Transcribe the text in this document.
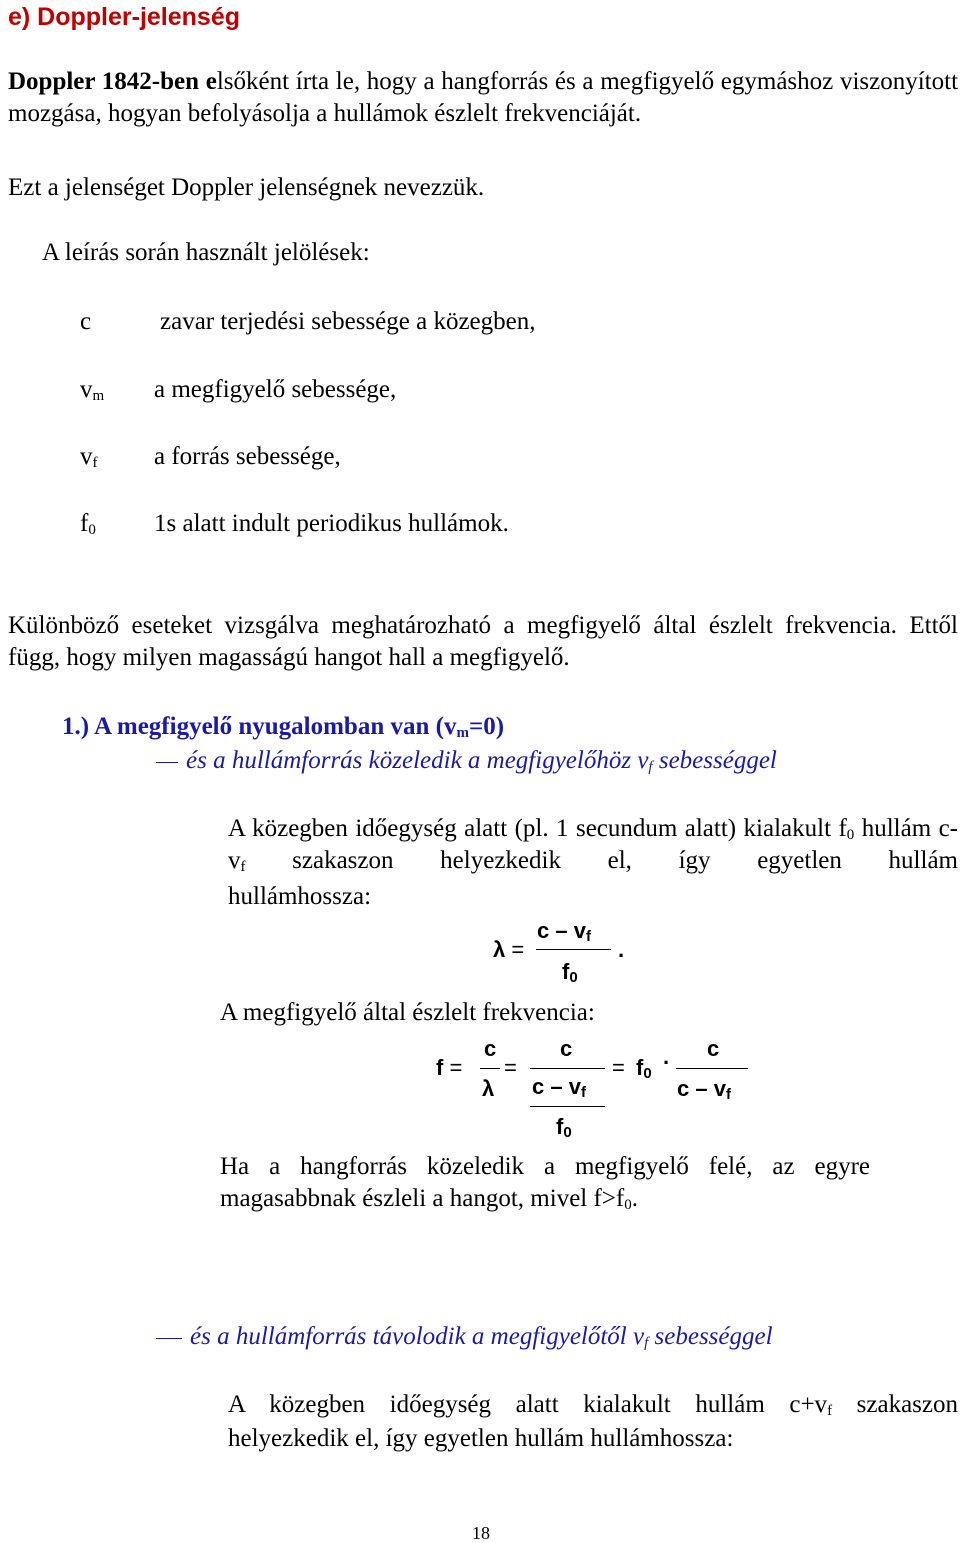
e) Doppler-jelenség
Doppler 1842-ben elsőként írta le, hogy a hangforrás és a megfigyelő egymáshoz viszonyított mozgása, hogyan befolyásolja a hullámok észlelt frekvenciáját.
Ezt a jelenséget Doppler jelenségnek nevezzük.
A leírás során használt jelölések:
c	zavar terjedési sebessége a közegben,
$v_m$ a megfigyelő sebessége,
$v_f$ a forrás sebessége,
$f_0$ 1s alatt indult periodikus hullámok.
Különböző eseteket vizsgálva meghatározható a megfigyelő által észlelt frekvencia. Ettől függ, hogy milyen magasságú hangot hall a megfigyelő.
1.) A megfigyelő nyugalomban van $(v_m=0)$
és a hullámforrás közeledik a megfigyelőhöz $v_f$ sebességgel
A közegben időegység alatt (pl. 1 secundum alatt) kialakult $f_0$ hullám $c-v_f$ szakaszon helyezkedik el, így egyetlen hullám
hullámhossza:
λ =
c – $v_f$
$f_0$
.
A megfigyelő által észlelt frekvencia:
f =
c
λ
=
c
c – $v_f$
$f_0$
= $f_0$ ·
c
c – $v_f$
Ha a hangforrás közeledik a megfigyelő felé, az egyre magasabbnak észleli a hangot, mivel $f>f_0$.
és a hullámforrás távolodik a megfigyelőtől $v_f$ sebességgel
A közegben időegység alatt kialakult hullám $c+v_f$ szakaszon
helyezkedik el, így egyetlen hullám hullámhossza:
18
